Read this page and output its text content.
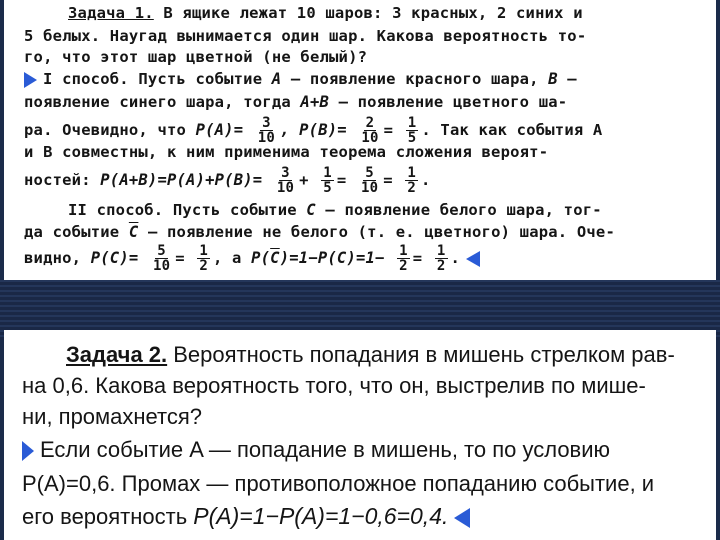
Задача 1. В ящике лежат 10 шаров: 3 красных, 2 синих и
5 белых. Наугад вынимается один шар. Какова вероятность то-
го, что этот шар цветной (не белый)?
I способ. Пусть событие A — появление красного шара, B —
появление синего шара, тогда A+B — появление цветного ша-
ра. Очевидно, что $P(A)= \frac{3}{10}$ , $P(B)= \frac{2}{10} = \frac{1}{5}$ . Так как события A
и B совместны, к ним применима теорема сложения вероят-
ностей: $P(A+B)=P(A)+P(B)= \frac{3}{10} + \frac{1}{5} = \frac{5}{10} = \frac{1}{2}$ .
II способ. Пусть событие C — появление белого шара, тог-
да событие $\overline{C}$ — появление не белого (т. е. цветного) шара. Оче-
видно, $P(C)= \frac{5}{10} = \frac{1}{2}$ , а $P(\overline{C})=1-P(C)=1- \frac{1}{2} = \frac{1}{2}$ .
Задача 2. Вероятность попадания в мишень стрелком рав-
на 0,6. Какова вероятность того, что он, выстрелив по мише-
ни, промахнется?
Если событие A — попадание в мишень, то по условию
P(A)=0,6. Промах — противоположное попаданию событие, и
его вероятность P(A)=1−P(A)=1−0,6=0,4.
